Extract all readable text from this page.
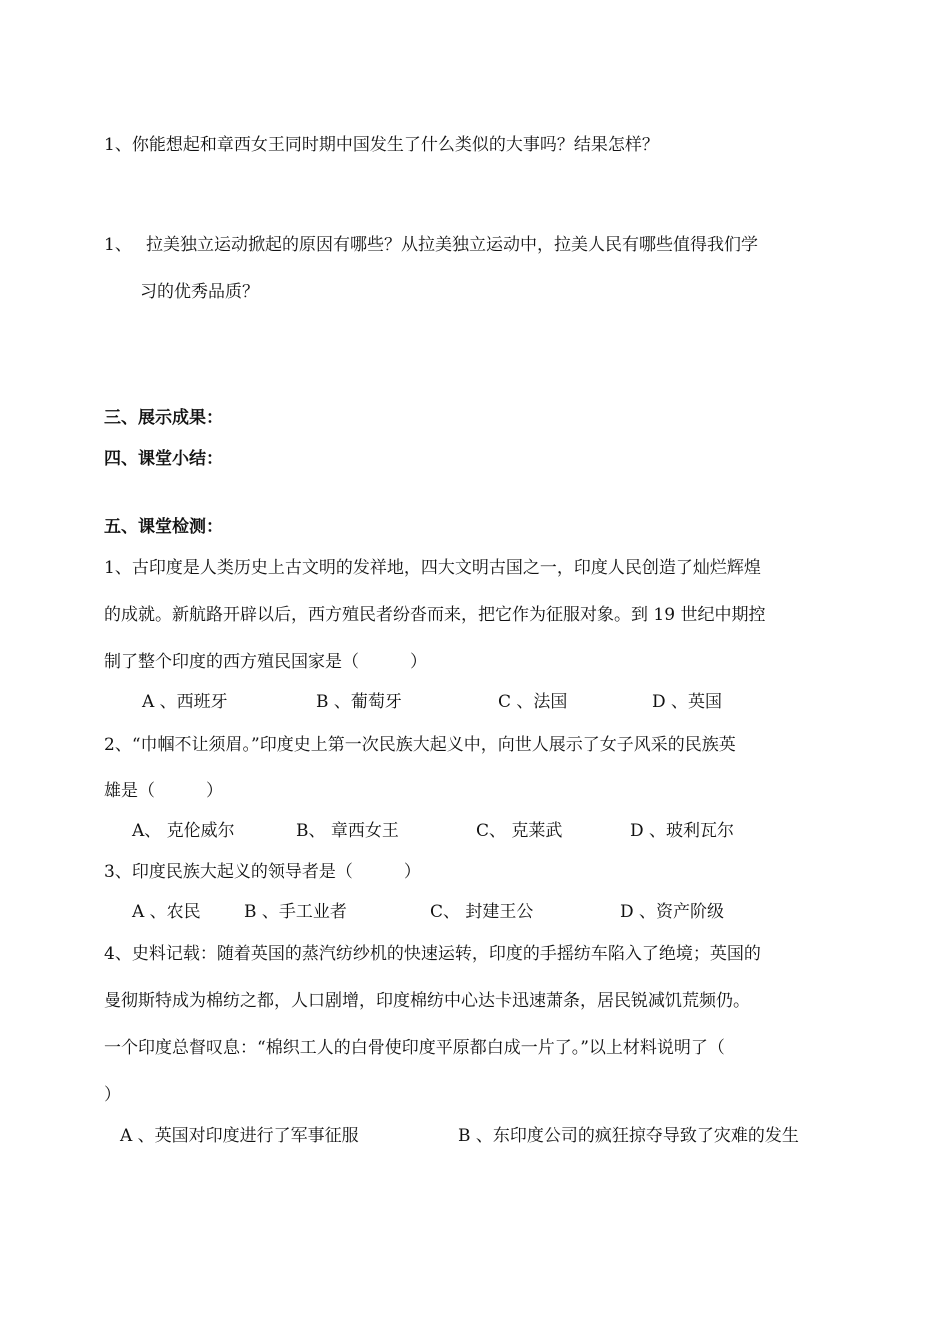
1、你能想起和章西女王同时期中国发生了什么类似的大事吗？结果怎样？
1、 拉美独立运动掀起的原因有哪些？从拉美独立运动中，拉美人民有哪些值得我们学
习的优秀品质？
三、展示成果：
四、课堂小结：
五、课堂检测：
1、古印度是人类历史上古文明的发祥地，四大文明古国之一，印度人民创造了灿烂辉煌
的成就。新航路开辟以后，西方殖民者纷沓而来，把它作为征服对象。到 19 世纪中期控
制了整个印度的西方殖民国家是（　　　）
A 、西班牙	B 、葡萄牙	C 、法国	D 、英国
2、“巾帼不让须眉。”印度史上第一次民族大起义中，向世人展示了女子风采的民族英
雄是（　　　）
A、 克伦威尔	B、 章西女王	C、 克莱武	D 、玻利瓦尔
3、印度民族大起义的领导者是（　　　）
A 、农民	B 、手工业者	C、 封建王公	D 、资产阶级
4、史料记载：随着英国的蒸汽纺纱机的快速运转，印度的手摇纺车陷入了绝境；英国的
曼彻斯特成为棉纺之都，人口剧增，印度棉纺中心达卡迅速萧条，居民锐减饥荒频仍。
一个印度总督叹息：“棉织工人的白骨使印度平原都白成一片了。”以上材料说明了（
）
A 、英国对印度进行了军事征服	B 、东印度公司的疯狂掠夺导致了灾难的发生
